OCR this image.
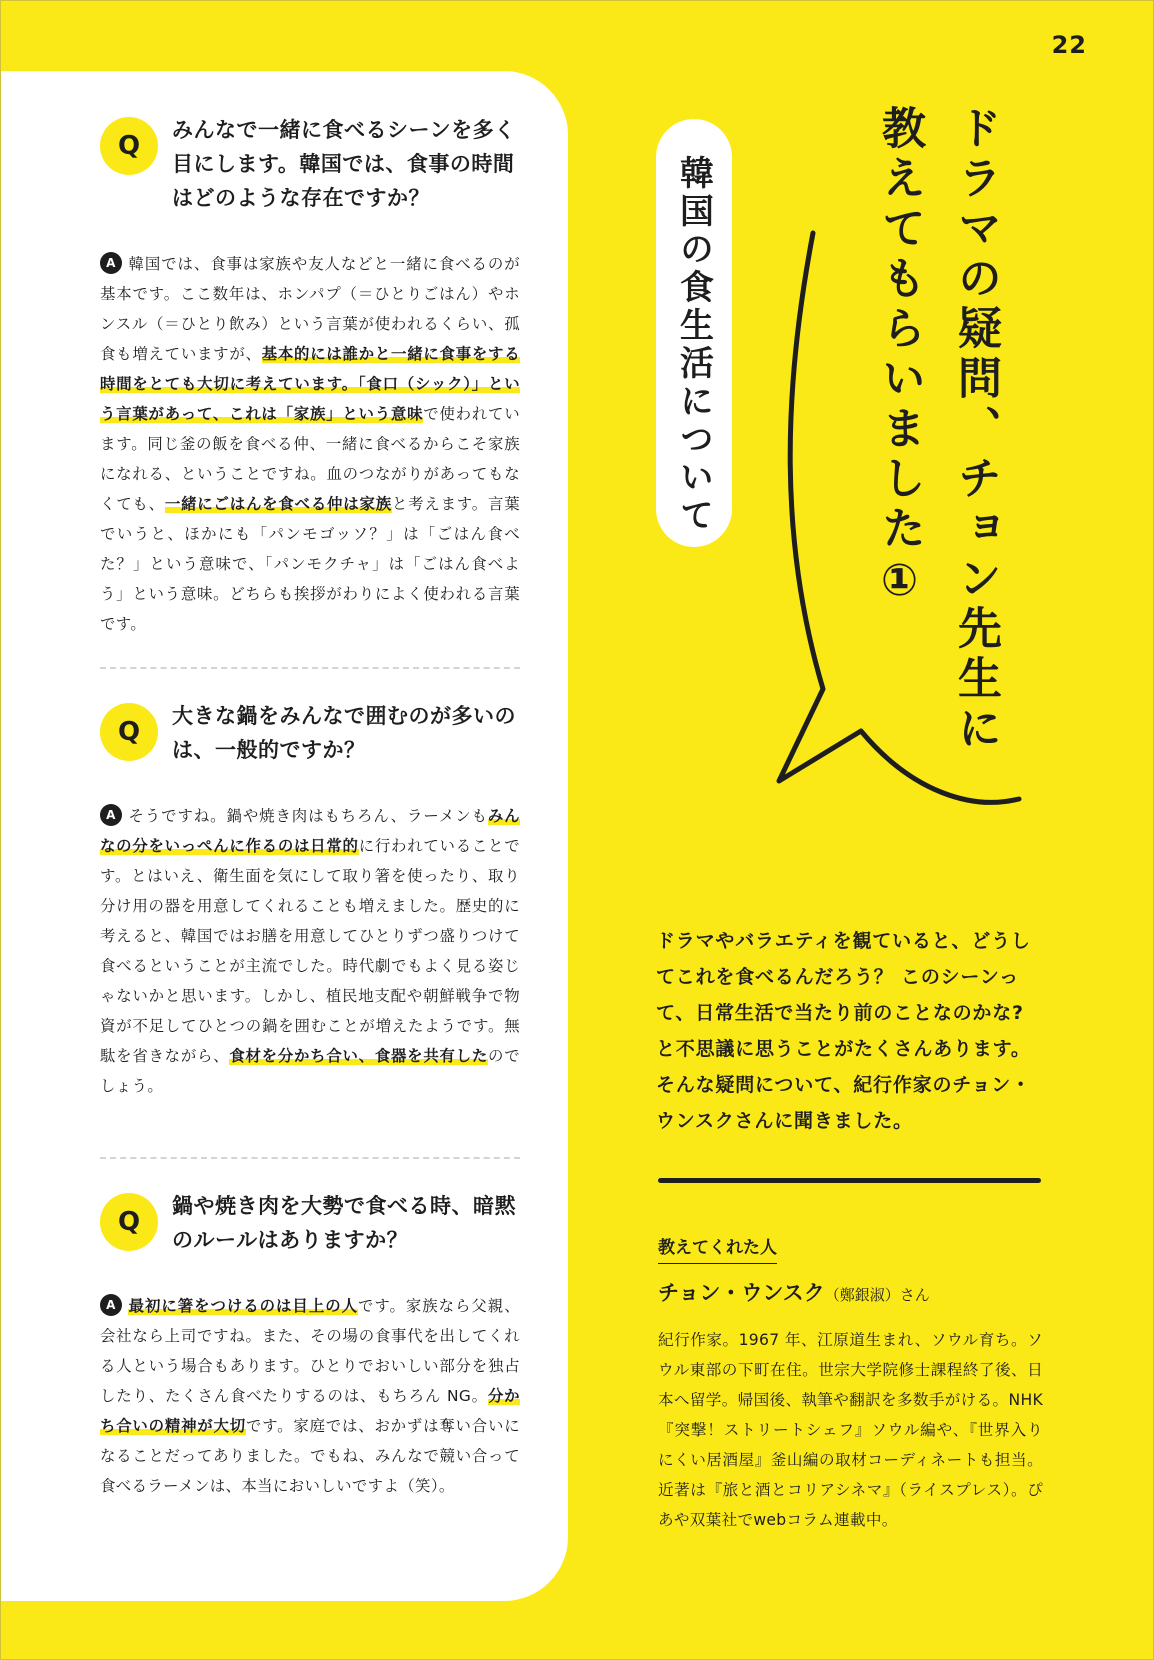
22
Q
みんなで一緒に食べるシーンを多く目にします。韓国では、食事の時間はどのような存在ですか？
A 韓国では、食事は家族や友人などと一緒に食べるのが基本です。ここ数年は、ホンパプ（＝ひとりごはん）やホンスル（＝ひとり飲み）という言葉が使われるくらい、孤食も増えていますが、基本的には誰かと一緒に食事をする時間をとても大切に考えています。「食口（シック）」という言葉があって、これは「家族」という意味で使われています。同じ釜の飯を食べる仲、一緒に食べるからこそ家族になれる、ということですね。血のつながりがあってもなくても、一緒にごはんを食べる仲は家族と考えます。言葉でいうと、ほかにも「パンモゴッソ？」は「ごはん食べた？」という意味で、「パンモクチャ」は「ごはん食べよう」という意味。どちらも挨拶がわりによく使われる言葉です。
Q
大きな鍋をみんなで囲むのが多いのは、一般的ですか？
A そうですね。鍋や焼き肉はもちろん、ラーメンもみんなの分をいっぺんに作るのは日常的に行われていることです。とはいえ、衛生面を気にして取り箸を使ったり、取り分け用の器を用意してくれることも増えました。歴史的に考えると、韓国ではお膳を用意してひとりずつ盛りつけて食べるということが主流でした。時代劇でもよく見る姿じゃないかと思います。しかし、植民地支配や朝鮮戦争で物資が不足してひとつの鍋を囲むことが増えたようです。無駄を省きながら、食材を分かち合い、食器を共有したのでしょう。
Q
鍋や焼き肉を大勢で食べる時、暗黙のルールはありますか？
A 最初に箸をつけるのは目上の人です。家族なら父親、会社なら上司ですね。また、その場の食事代を出してくれる人という場合もあります。ひとりでおいしい部分を独占したり、たくさん食べたりするのは、もちろん NG。分かち合いの精神が大切です。家庭では、おかずは奪い合いになることだってありました。でもね、みんなで競い合って食べるラーメンは、本当においしいですよ（笑）。
ドラマの疑問、チョン先生に教えてもらいました①
韓国の食生活について
ドラマやバラエティを観ていると、どうしてこれを食べるんだろう？ このシーンって、日常生活で当たり前のことなのかな? と不思議に思うことがたくさんあります。そんな疑問について、紀行作家のチョン・ウンスクさんに聞きました。
教えてくれた人
チョン・ウンスク（鄭銀淑）さん
紀行作家。1967 年、江原道生まれ、ソウル育ち。ソウル東部の下町在住。世宗大学院修士課程終了後、日本へ留学。帰国後、執筆や翻訳を多数手がける。NHK『突撃！ストリートシェフ』ソウル編や、『世界入りにくい居酒屋』釜山編の取材コーディネートも担当。近著は『旅と酒とコリアシネマ』（ライスプレス）。ぴあや双葉社でwebコラム連載中。
